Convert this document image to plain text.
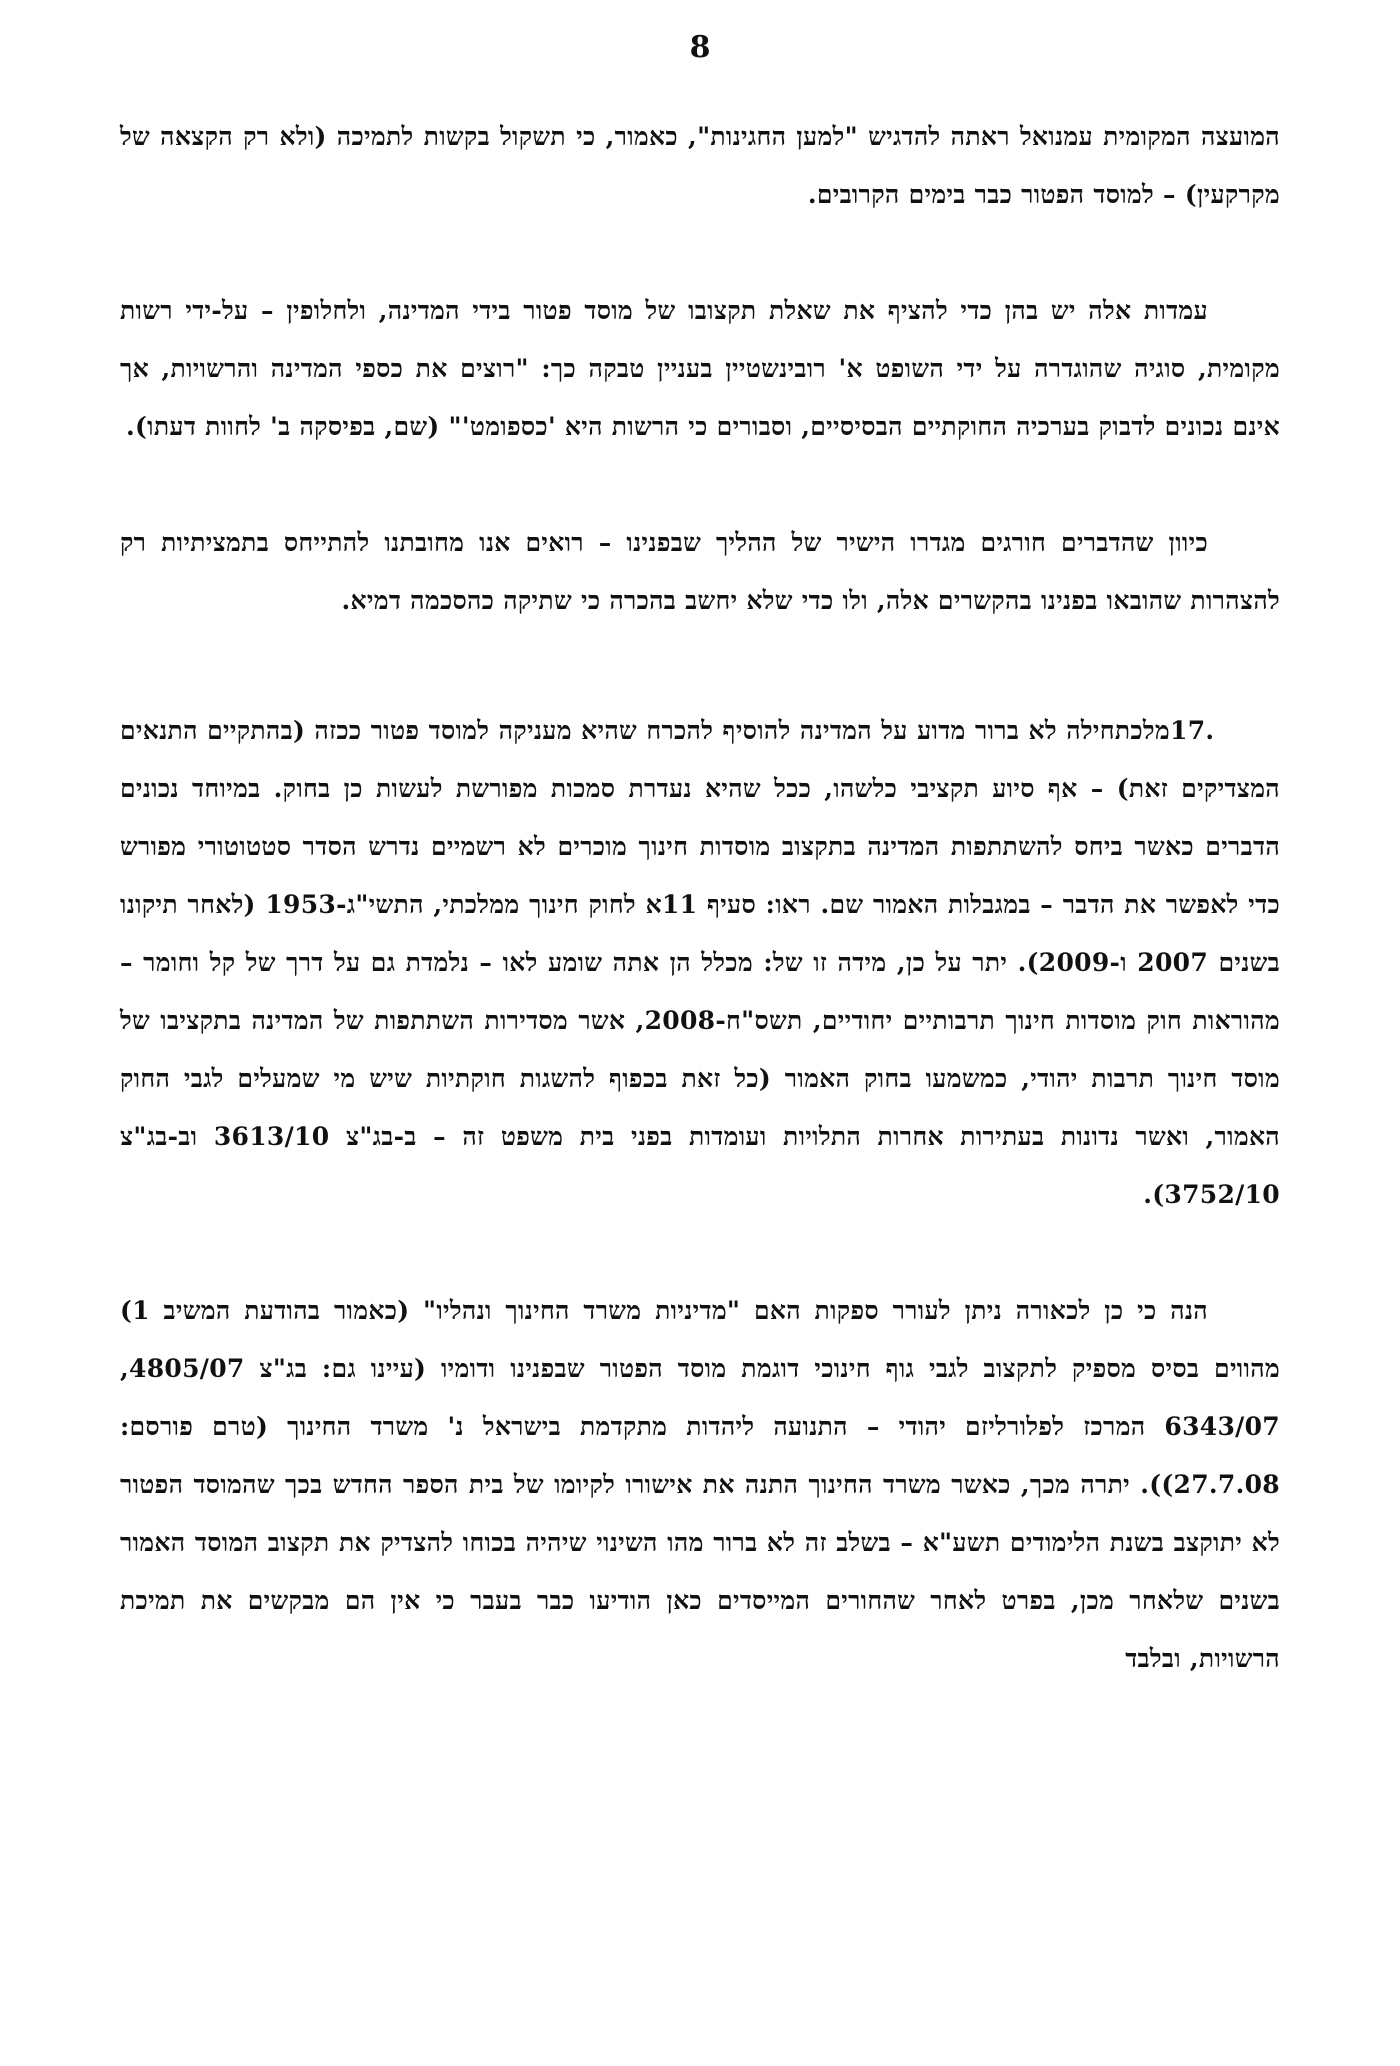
8

המועצה המקומית עמנואל ראתה להדגיש "למען החגינות", כאמור, כי תשקול בקשות לתמיכה (ולא רק הקצאה של מקרקעין) – למוסד הפטור כבר בימים הקרובים.

עמדות אלה יש בהן כדי להציף את שאלת תקצובו של מוסד פטור בידי המדינה, ולחלופין – על-ידי רשות מקומית, סוגיה שהוגדרה על ידי השופט א' רובינשטיין בעניין טבקה כך: "רוצים את כספי המדינה והרשויות, אך אינם נכונים לדבוק בערכיה החוקתיים הבסיסיים, וסבורים כי הרשות היא 'כספומט'" (שם, בפיסקה ב' לחוות דעתו).

כיוון שהדברים חורגים מגדרו הישיר של ההליך שבפנינו – רואים אנו מחובתנו להתייחס בתמציתיות רק להצהרות שהובאו בפנינו בהקשרים אלה, ולו כדי שלא יחשב בהכרה כי שתיקה כהסכמה דמיא.

17.מלכתחילה לא ברור מדוע על המדינה להוסיף להכרח שהיא מעניקה למוסד פטור ככזה (בהתקיים התנאים המצדיקים זאת) – אף סיוע תקציבי כלשהו, ככל שהיא נעדרת סמכות מפורשת לעשות כן בחוק. במיוחד נכונים הדברים כאשר ביחס להשתתפות המדינה בתקצוב מוסדות חינוך מוכרים לא רשמיים נדרש הסדר סטטוטורי מפורש כדי לאפשר את הדבר – במגבלות האמור שם. ראו: סעיף 11א לחוק חינוך ממלכתי, התשי"ג-1953 (לאחר תיקונו בשנים 2007 ו-2009). יתר על כן, מידה זו של: מכלל הן אתה שומע לאו – נלמדת גם על דרך של קל וחומר – מהוראות חוק מוסדות חינוך תרבותיים יחודיים, תשס"ח-2008, אשר מסדירות השתתפות של המדינה בתקציבו של מוסד חינוך תרבות יהודי, כמשמעו בחוק האמור (כל זאת בכפוף להשגות חוקתיות שיש מי שמעלים לגבי החוק האמור, ואשר נדונות בעתירות אחרות התלויות ועומדות בפני בית משפט זה – ב-בג"צ 3613/10 וב-בג"צ 3752/10).

הנה כי כן לכאורה ניתן לעורר ספקות האם "מדיניות משרד החינוך ונהליו" (כאמור בהודעת המשיב 1) מהווים בסיס מספיק לתקצוב לגבי גוף חינוכי דוגמת מוסד הפטור שבפנינו ודומיו (עיינו גם: בג"צ 4805/07, 6343/07 המרכז לפלורליזם יהודי – התנועה ליהדות מתקדמת בישראל נ' משרד החינוך (טרם פורסם: 27.7.08)). יתרה מכך, כאשר משרד החינוך התנה את אישורו לקיומו של בית הספר החדש בכך שהמוסד הפטור לא יתוקצב בשנת הלימודים תשע"א – בשלב זה לא ברור מהו השינוי שיהיה בכוחו להצדיק את תקצוב המוסד האמור בשנים שלאחר מכן, בפרט לאחר שהחורים המייסדים כאן הודיעו כבר בעבר כי אין הם מבקשים את תמיכת הרשויות, ובלבד
